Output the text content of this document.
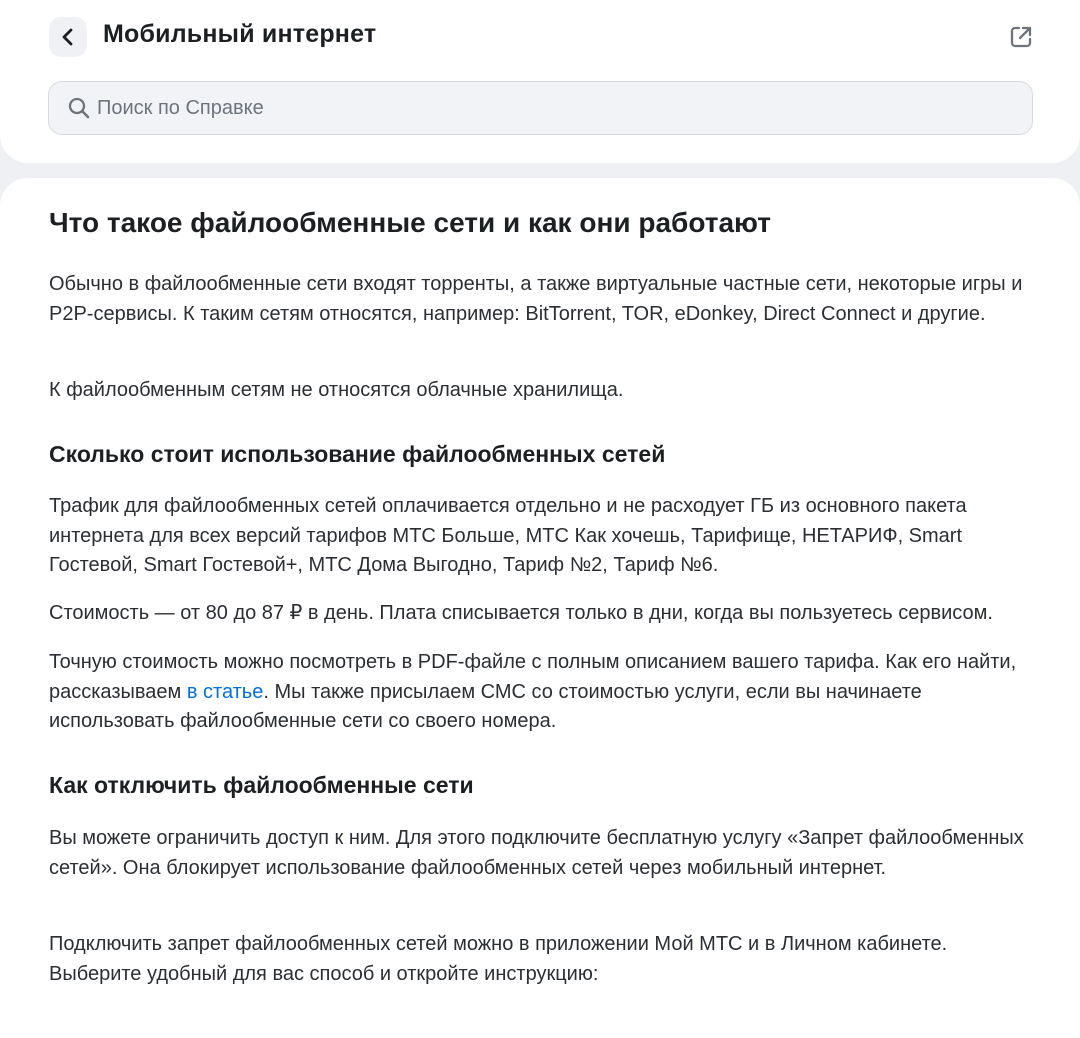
Мобильный интернет
Поиск по Справке
Что такое файлообменные сети и как они работают

Обычно в файлообменные сети входят торренты, а также виртуальные частные сети, некоторые игры и P2P-сервисы. К таким сетям относятся, например: BitTorrent, TOR, eDonkey, Direct Connect и другие.

К файлообменным сетям не относятся облачные хранилища.

Сколько стоит использование файлообменных сетей

Трафик для файлообменных сетей оплачивается отдельно и не расходует ГБ из основного пакета интернета для всех версий тарифов МТС Больше, МТС Как хочешь, Тарифище, НЕТАРИФ, Smart Гостевой, Smart Гостевой+, МТС Дома Выгодно, Тариф №2, Тариф №6.

Стоимость — от 80 до 87 ₽ в день. Плата списывается только в дни, когда вы пользуетесь сервисом.

Точную стоимость можно посмотреть в PDF-файле с полным описанием вашего тарифа. Как его найти, рассказываем в статье. Мы также присылаем СМС со стоимостью услуги, если вы начинаете использовать файлообменные сети со своего номера.

Как отключить файлообменные сети

Вы можете ограничить доступ к ним. Для этого подключите бесплатную услугу «Запрет файлообменных сетей». Она блокирует использование файлообменных сетей через мобильный интернет.

Подключить запрет файлообменных сетей можно в приложении Мой МТС и в Личном кабинете. Выберите удобный для вас способ и откройте инструкцию:
